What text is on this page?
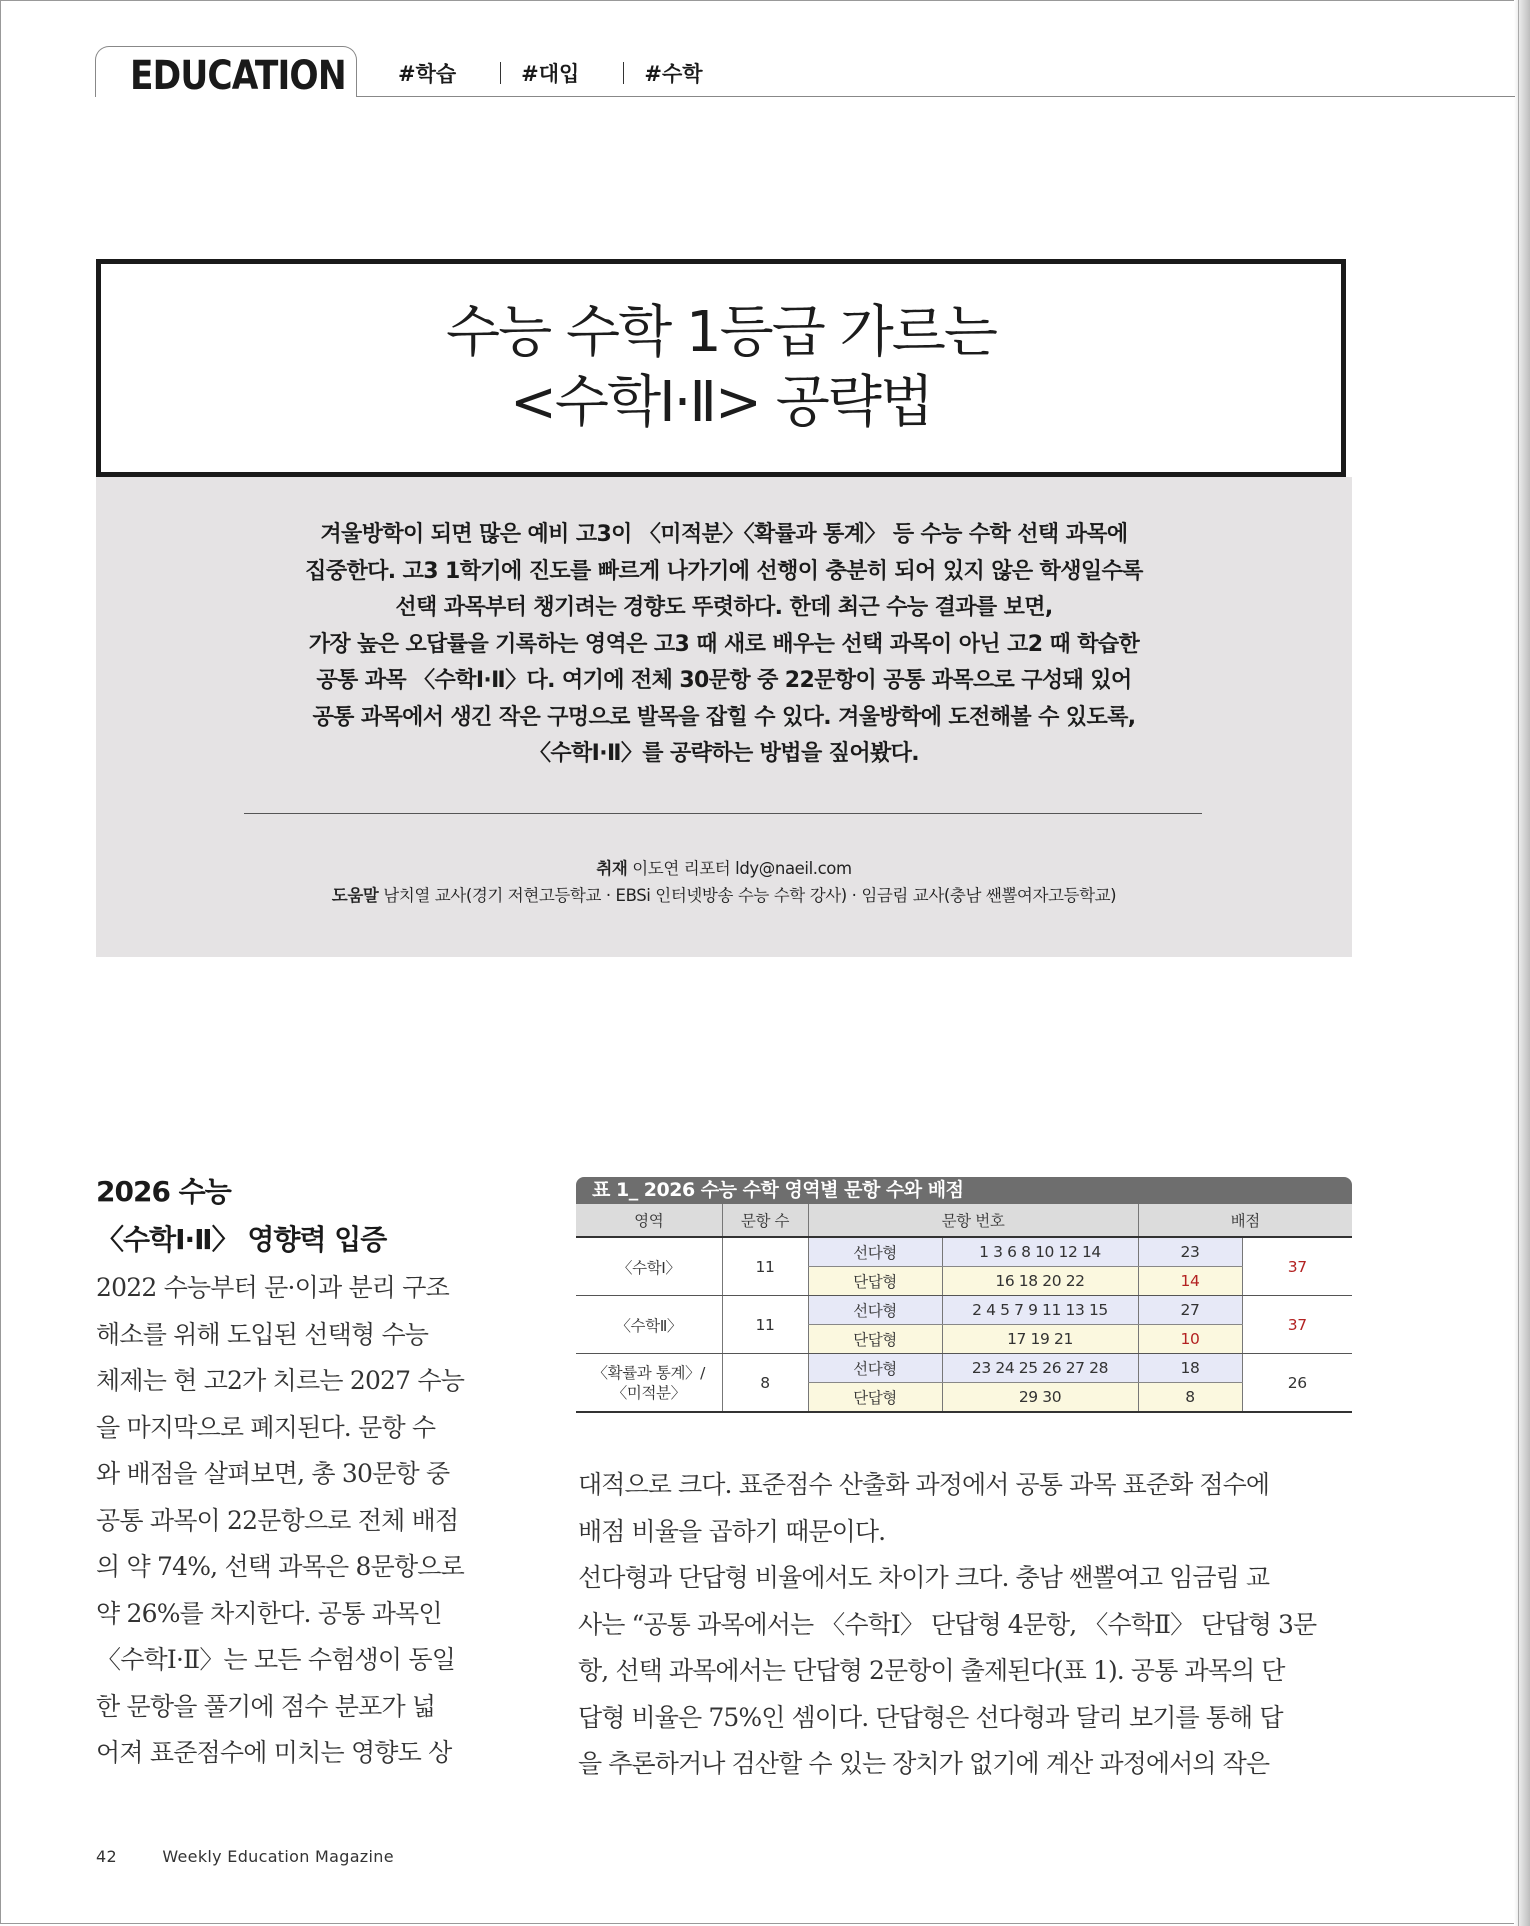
EDUCATION #학습	#대입	#수학
수능 수학 1등급 가르는
<수학Ⅰ·Ⅱ> 공략법
겨울방학이 되면 많은 예비 고3이 〈미적분〉〈확률과 통계〉 등 수능 수학 선택 과목에
집중한다. 고3 1학기에 진도를 빠르게 나가기에 선행이 충분히 되어 있지 않은 학생일수록
선택 과목부터 챙기려는 경향도 뚜렷하다. 한데 최근 수능 결과를 보면,
가장 높은 오답률을 기록하는 영역은 고3 때 새로 배우는 선택 과목이 아닌 고2 때 학습한
공통 과목 〈수학Ⅰ·Ⅱ〉다. 여기에 전체 30문항 중 22문항이 공통 과목으로 구성돼 있어
공통 과목에서 생긴 작은 구멍으로 발목을 잡힐 수 있다. 겨울방학에 도전해볼 수 있도록,
〈수학Ⅰ·Ⅱ〉를 공략하는 방법을 짚어봤다.
취재 이도연 리포터 ldy@naeil.com
도움말 남치열 교사(경기 저현고등학교 · EBSi 인터넷방송 수능 수학 강사) · 임금림 교사(충남 쌘뽈여자고등학교)
2026 수능
〈수학Ⅰ·Ⅱ〉 영향력 입증
2022 수능부터 문·이과 분리 구조
해소를 위해 도입된 선택형 수능
체제는 현 고2가 치르는 2027 수능
을 마지막으로 폐지된다. 문항 수
와 배점을 살펴보면, 총 30문항 중
공통 과목이 22문항으로 전체 배점
의 약 74%, 선택 과목은 8문항으로
약 26%를 차지한다. 공통 과목인
〈수학Ⅰ·Ⅱ〉는 모든 수험생이 동일
한 문항을 풀기에 점수 분포가 넓
어져 표준점수에 미치는 영향도 상
표 1_ 2026 수능 수학 영역별 문항 수와 배점
영역	문항 수	문항 번호		배점	
〈수학Ⅰ〉	11	선다형	1 3 6 8 10 12 14	23	37
		단답형	16 18 20 22	14	
〈수학Ⅱ〉	11	선다형	2 4 5 7 9 11 13 15	27	37
		단답형	17 19 21	10	

〈확률과 통계〉/
〈미적분〉	8	선다형	23 24 25 26 27 28	18	26
		단답형	29 30	8	
대적으로 크다. 표준점수 산출화 과정에서 공통 과목 표준화 점수에
배점 비율을 곱하기 때문이다.
선다형과 단답형 비율에서도 차이가 크다. 충남 쌘뽈여고 임금림 교
사는 “공통 과목에서는 〈수학Ⅰ〉 단답형 4문항, 〈수학Ⅱ〉 단답형 3문
항, 선택 과목에서는 단답형 2문항이 출제된다(표 1). 공통 과목의 단
답형 비율은 75%인 셈이다. 단답형은 선다형과 달리 보기를 통해 답
을 추론하거나 검산할 수 있는 장치가 없기에 계산 과정에서의 작은
42	Weekly Education Magazine
